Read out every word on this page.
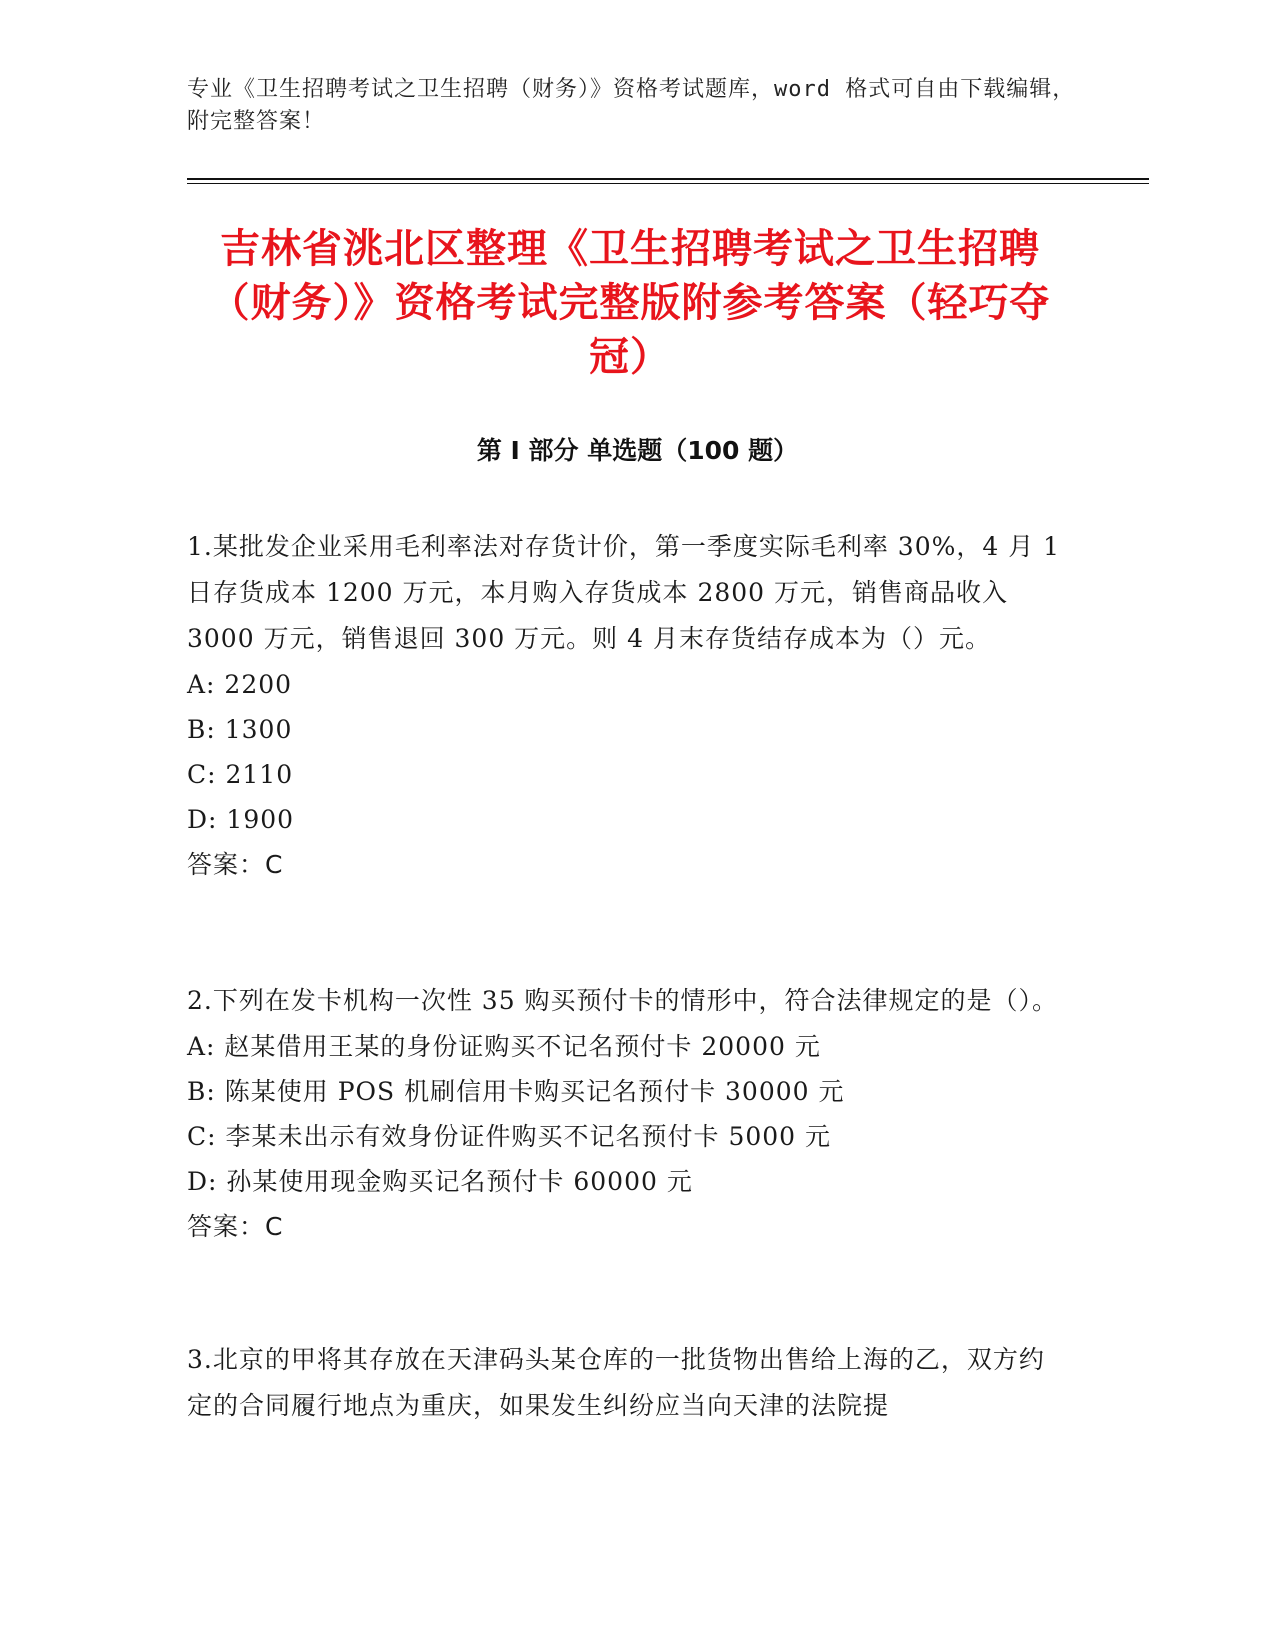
专业《卫生招聘考试之卫生招聘（财务）》资格考试题库，word 格式可自由下载编辑，附完整答案！

吉林省洮北区整理《卫生招聘考试之卫生招聘（财务）》资格考试完整版附参考答案（轻巧夺冠）
第 I 部分 单选题（100 题）

1.某批发企业采用毛利率法对存货计价，第一季度实际毛利率 30%，4 月 1 日存货成本 1200 万元，本月购入存货成本 2800 万元，销售商品收入 3000 万元，销售退回 300 万元。则 4 月末存货结存成本为（）元。

A: 2200

B: 1300

C: 2110

D: 1900

答案：C

2.下列在发卡机构一次性 35 购买预付卡的情形中，符合法律规定的是（）。

A: 赵某借用王某的身份证购买不记名预付卡 20000 元

B: 陈某使用 POS 机刷信用卡购买记名预付卡 30000 元

C: 李某未出示有效身份证件购买不记名预付卡 5000 元

D: 孙某使用现金购买记名预付卡 60000 元

答案：C

3.北京的甲将其存放在天津码头某仓库的一批货物出售给上海的乙，双方约定的合同履行地点为重庆，如果发生纠纷应当向天津的法院提
